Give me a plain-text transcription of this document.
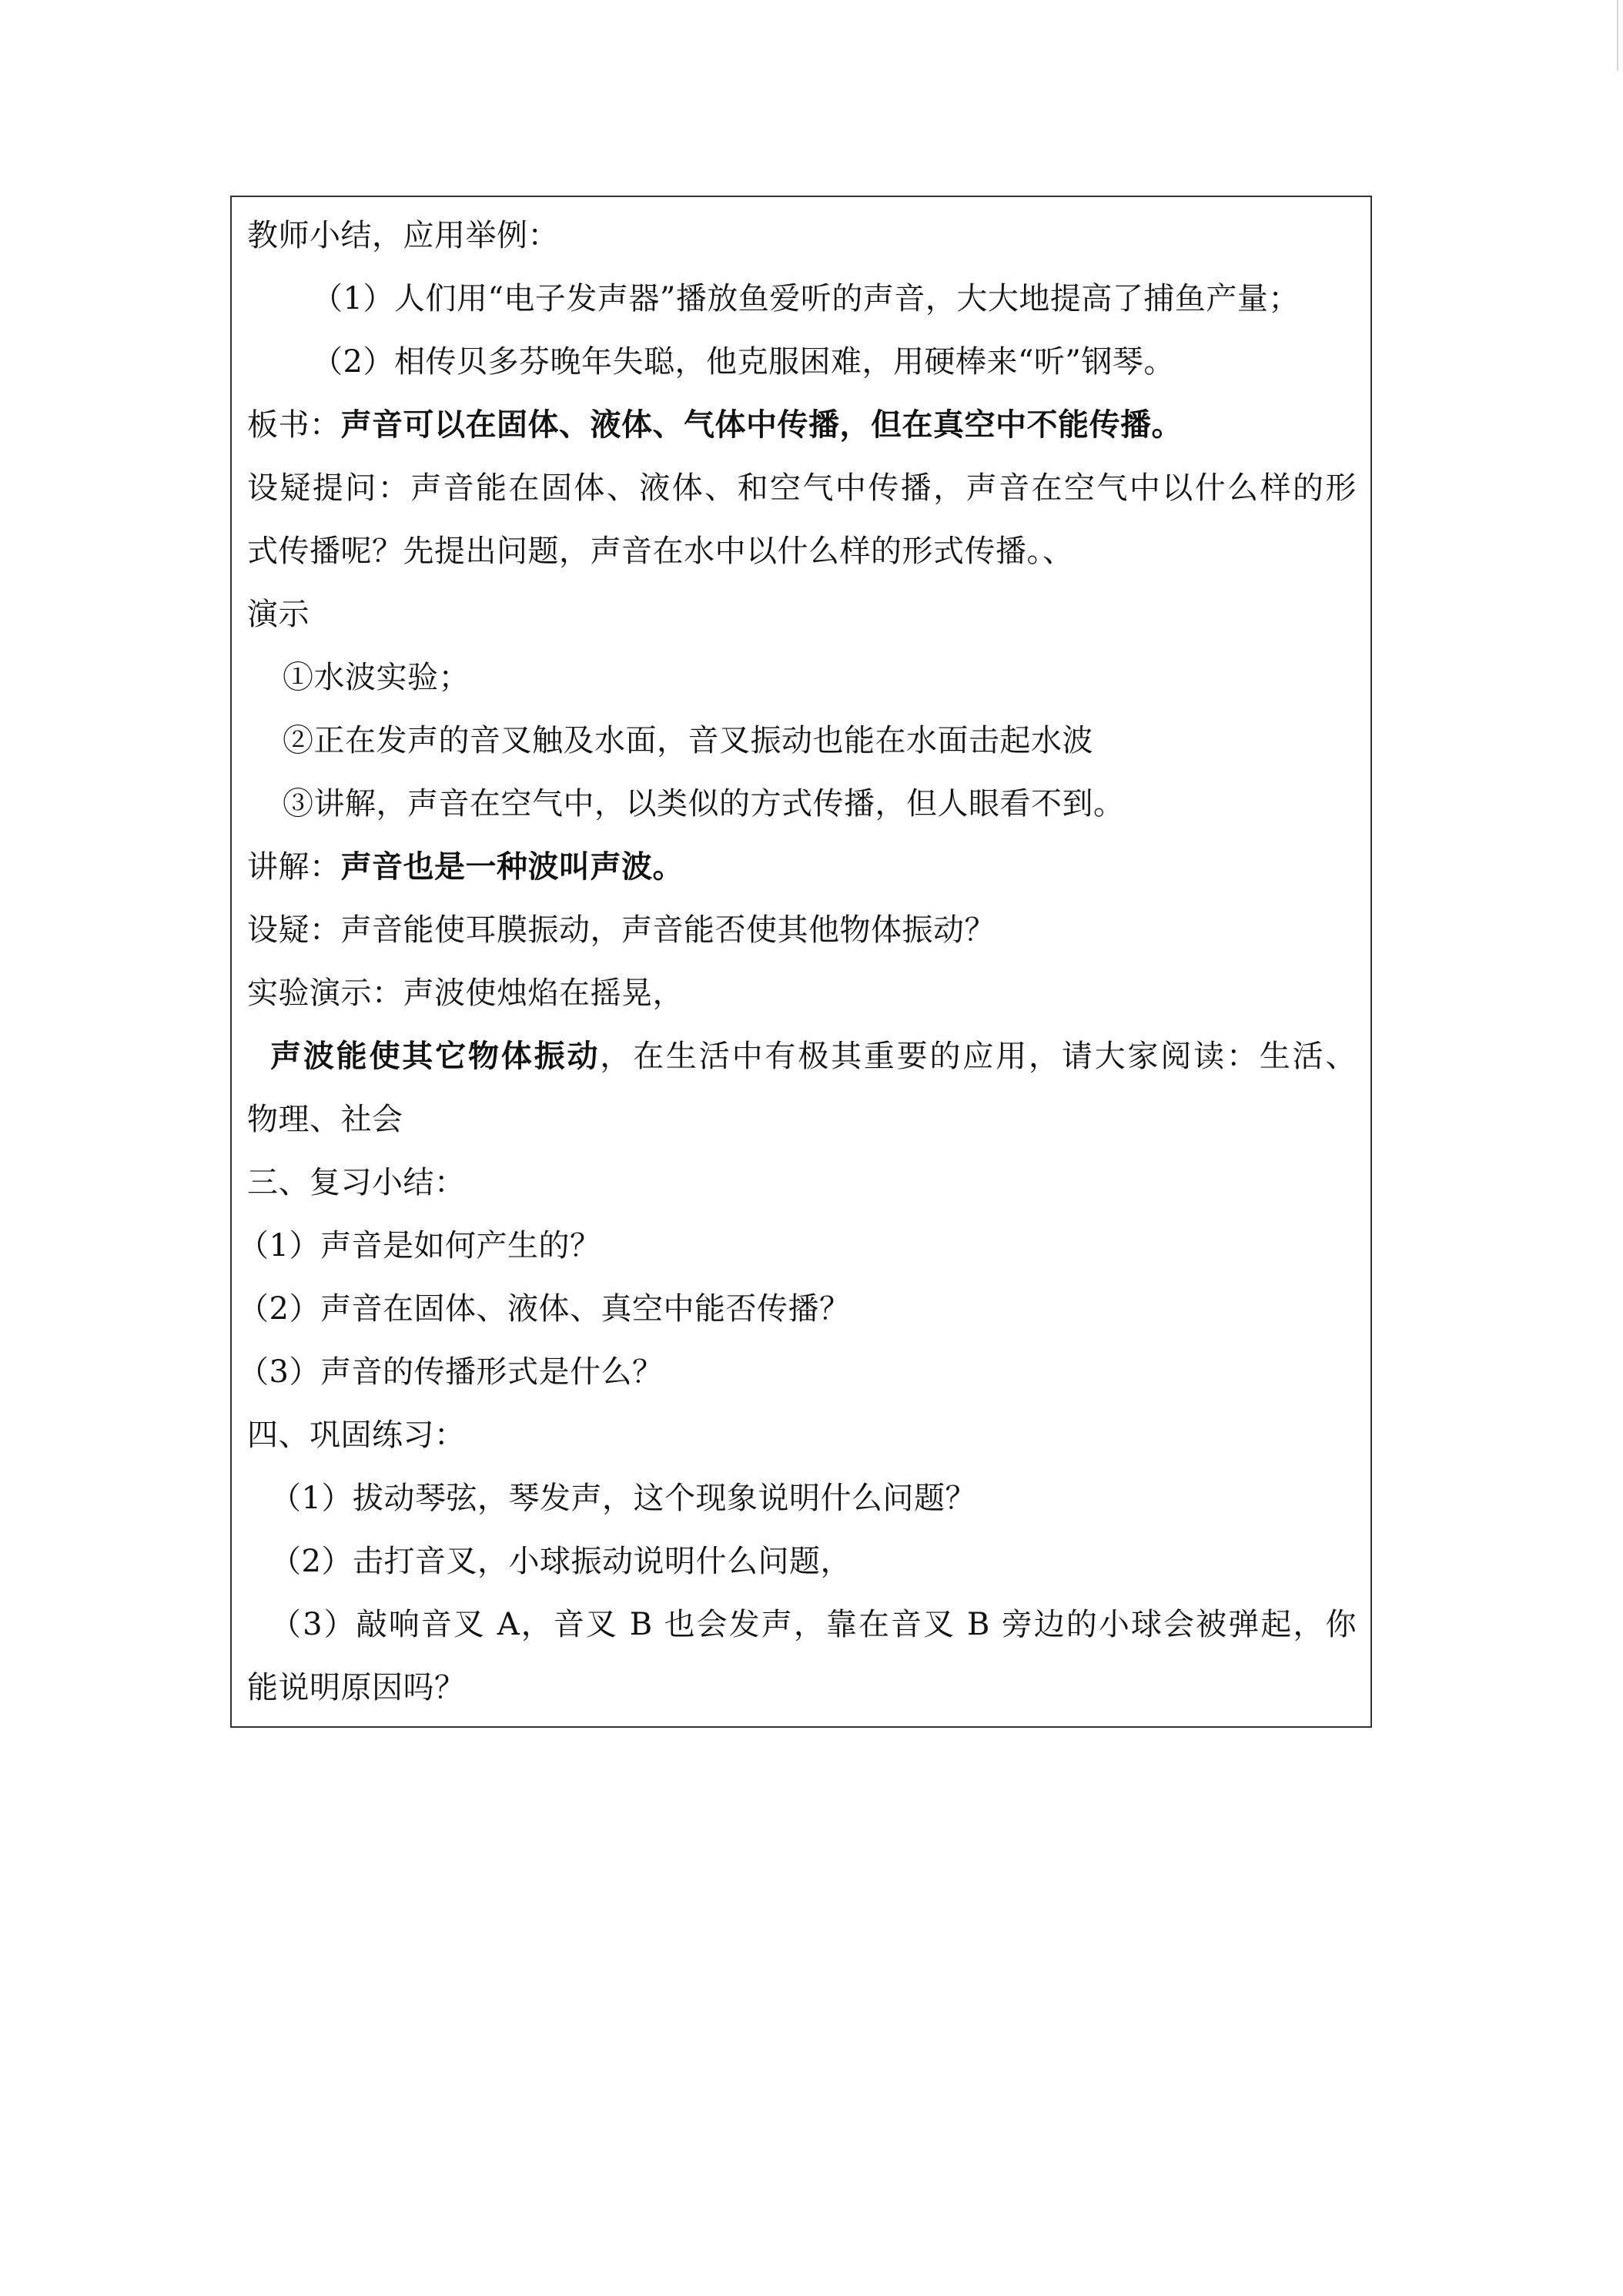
教师小结，应用举例：
（1）人们用“电子发声器”播放鱼爱听的声音，大大地提高了捕鱼产量；
（2）相传贝多芬晚年失聪，他克服困难，用硬棒来“听”钢琴。
板书：声音可以在固体、液体、气体中传播，但在真空中不能传播。
设疑提问：声音能在固体、液体、和空气中传播，声音在空气中以什么样的形
式传播呢？先提出问题，声音在水中以什么样的形式传播。、
演示
①水波实验；
②正在发声的音叉触及水面，音叉振动也能在水面击起水波
③讲解，声音在空气中，以类似的方式传播，但人眼看不到。
讲解：声音也是一种波叫声波。
设疑：声音能使耳膜振动，声音能否使其他物体振动？
实验演示：声波使烛焰在摇晃，
声波能使其它物体振动，在生活中有极其重要的应用，请大家阅读：生活、
物理、社会
三、复习小结：
（1）声音是如何产生的？
（2）声音在固体、液体、真空中能否传播？
（3）声音的传播形式是什么？
四、巩固练习：
（1）拔动琴弦，琴发声，这个现象说明什么问题？
（2）击打音叉，小球振动说明什么问题，
（3）敲响音叉 A，音叉 B 也会发声，靠在音叉 B 旁边的小球会被弹起，你
能说明原因吗？
